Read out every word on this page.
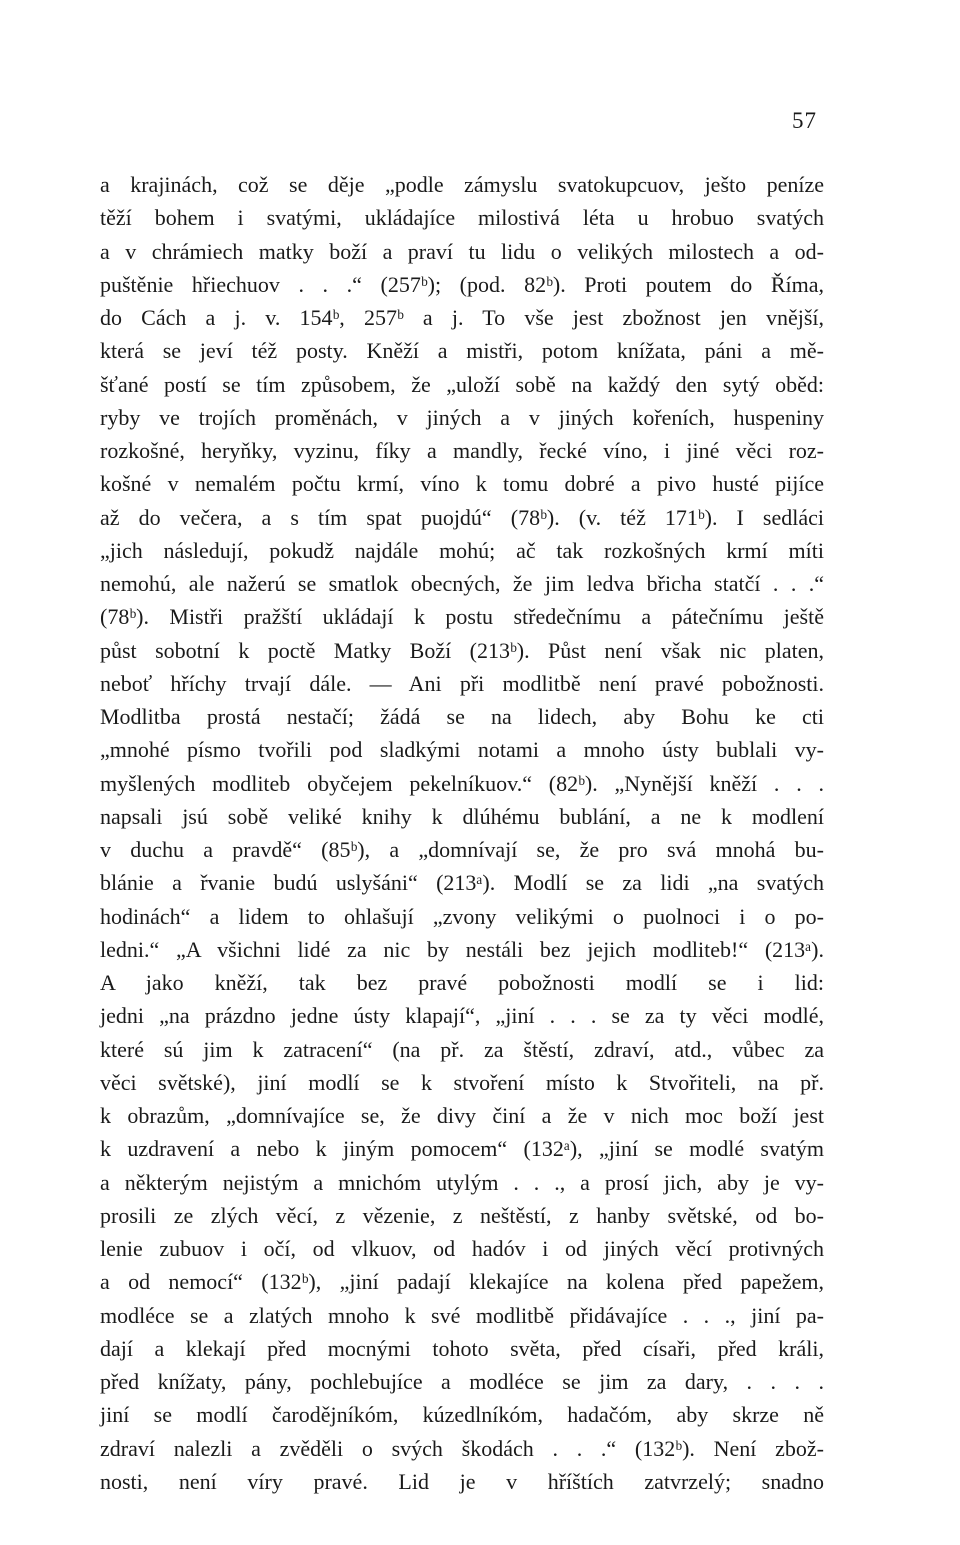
57
a krajinách, což se děje „podle zámyslu svatokupcuov, ješto peníze
těží bohem i svatými, ukládajíce milostivá léta u hrobuo svatých
a v chrámiech matky boží a praví tu lidu o velikých milostech a od-
puštěnie hřiechuov . . .“ (257ᵇ); (pod. 82ᵇ). Proti poutem do Říma,
do Cách a j. v. 154ᵇ, 257ᵇ a j. To vše jest zbožnost jen vnější,
která se jeví též posty. Kněží a mistři, potom knížata, páni a mě-
šťané postí se tím způsobem, že „uloží sobě na každý den sytý oběd:
ryby ve trojích proměnách, v jiných a v jiných kořeních, huspeniny
rozkošné, heryňky, vyzinu, fíky a mandly, řecké víno, i jiné věci roz-
košné v nemalém počtu krmí, víno k tomu dobré a pivo husté pijíce
až do večera, a s tím spat puojdú“ (78ᵇ). (v. též 171ᵇ). I sedláci
„jich následují, pokudž najdále mohú; ač tak rozkošných krmí míti
nemohú, ale nažerú se smatlok obecných, že jim ledva břicha statčí . . .“
(78ᵇ). Mistři pražští ukládají k postu středečnímu a pátečnímu ještě
půst sobotní k poctě Matky Boží (213ᵇ). Půst není však nic platen,
neboť hříchy trvají dále. — Ani při modlitbě není pravé pobožnosti.
Modlitba prostá nestačí; žádá se na lidech, aby Bohu ke cti
„mnohé písmo tvořili pod sladkými notami a mnoho ústy bublali vy-
myšlených modliteb obyčejem pekelníkuov.“ (82ᵇ). „Nynější kněží . . .
napsali jsú sobě veliké knihy k dlúhému bublání, a ne k modlení
v duchu a pravdě“ (85ᵇ), a „domnívají se, že pro svá mnohá bu-
blánie a řvanie budú uslyšáni“ (213ᵃ). Modlí se za lidi „na svatých
hodinách“ a lidem to ohlašují „zvony velikými o puolnoci i o po-
ledni.“ „A všichni lidé za nic by nestáli bez jejich modliteb!“ (213ᵃ).
A jako kněží, tak bez pravé pobožnosti modlí se i lid:
jedni „na prázdno jedne ústy klapají“, „jiní . . . se za ty věci modlé,
které sú jim k zatracení“ (na př. za štěstí, zdraví, atd., vůbec za
věci světské), jiní modlí se k stvoření místo k Stvořiteli, na př.
k obrazům, „domnívajíce se, že divy činí a že v nich moc boží jest
k uzdravení a nebo k jiným pomocem“ (132ᵃ), „jiní se modlé svatým
a některým nejistým a mnichóm utylým . . ., a prosí jich, aby je vy-
prosili ze zlých věcí, z vězenie, z neštěstí, z hanby světské, od bo-
lenie zubuov i očí, od vlkuov, od hadóv i od jiných věcí protivných
a od nemocí“ (132ᵇ), „jiní padají klekajíce na kolena před papežem,
modléce se a zlatých mnoho k své modlitbě přidávajíce . . ., jiní pa-
dají a klekají před mocnými tohoto světa, před císaři, před králi,
před knížaty, pány, pochlebujíce a modléce se jim za dary, . . . .
jiní se modlí čarodějníkóm, kúzedlníkóm, hadačóm, aby skrze ně
zdraví nalezli a zvěděli o svých škodách . . .“ (132ᵇ). Není zbož-
nosti, není víry pravé. Lid je v hříštích zatvrzelý; snadno
